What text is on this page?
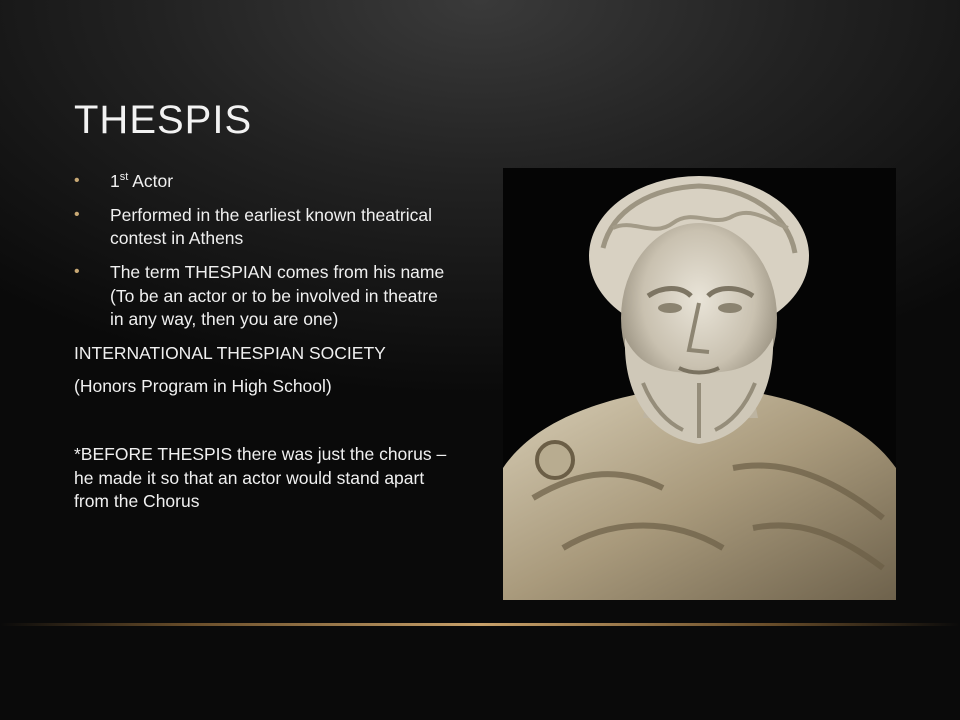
THESPIS
• 1st Actor
• Performed in the earliest known theatrical contest in Athens
• The term THESPIAN comes from his name (To be an actor or to be involved in theatre in any way, then you are one)

INTERNATIONAL THESPIAN SOCIETY

(Honors Program in High School)

*BEFORE THESPIS there was just the chorus – he made it so that an actor would stand apart from the Chorus
